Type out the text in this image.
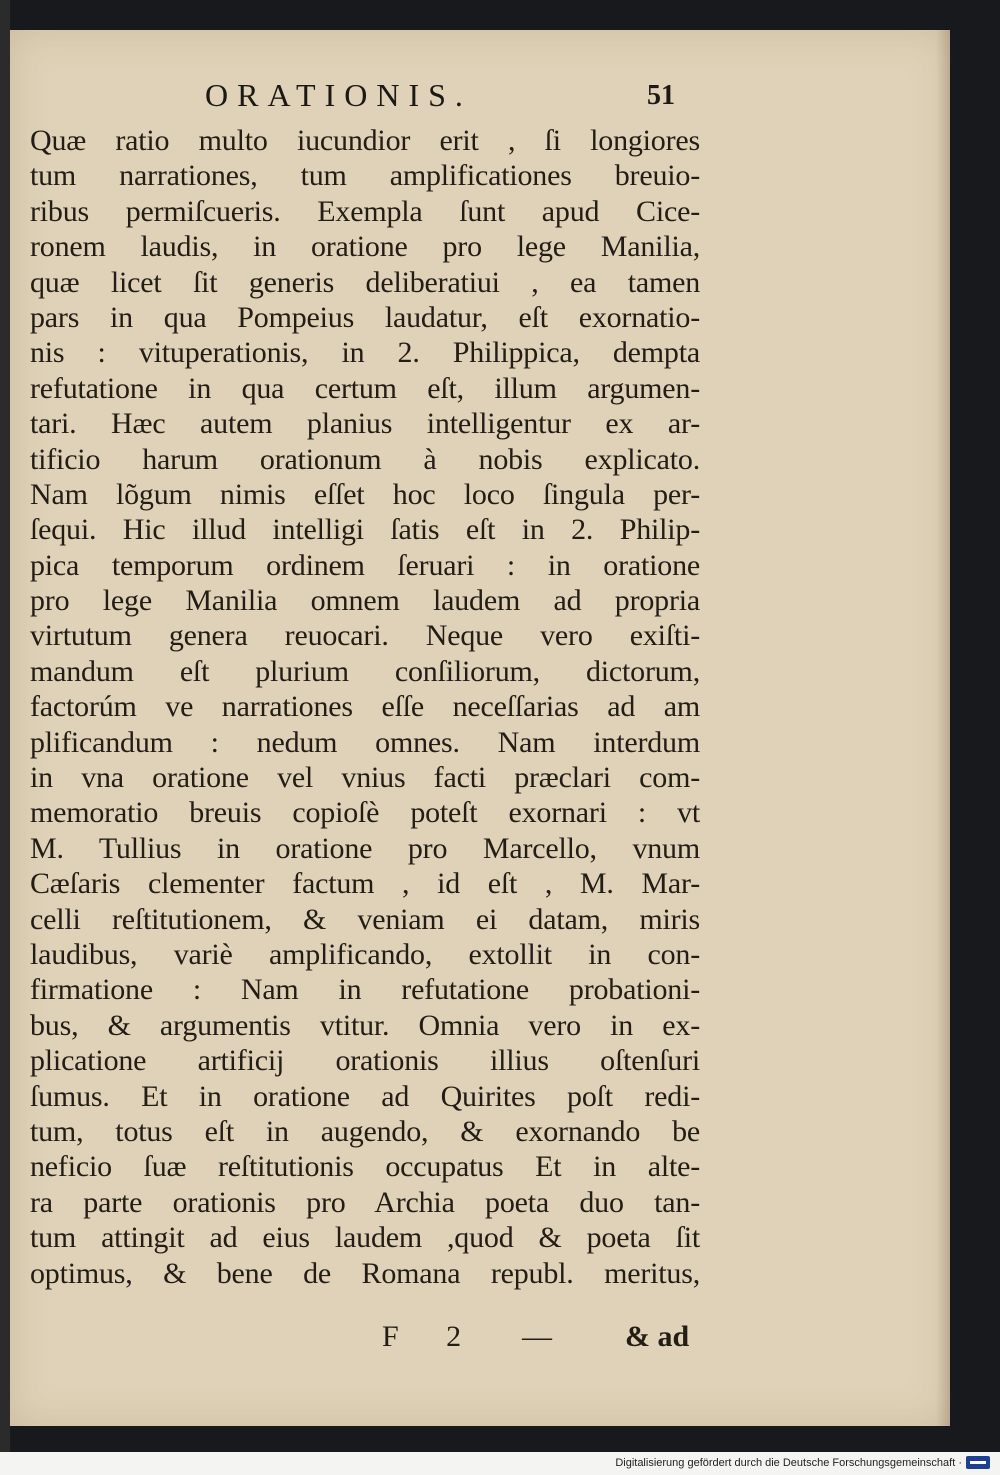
ORATIONIS.	51
Quæ ratio multo iucundior erit , ſi longiores
tum narrationes, tum amplificationes breuio-
ribus permiſcueris. Exempla ſunt apud Cice-
ronem laudis, in oratione pro lege Manilia,
quæ licet ſit generis deliberatiui , ea tamen
pars in qua Pompeius laudatur, eſt exornatio-
nis : vituperationis, in 2. Philippica, dempta
refutatione in qua certum eſt, illum argumen-
tari. Hæc autem planius intelligentur ex ar-
tificio harum orationum à nobis explicato.
Nam lõgum nimis eſſet hoc loco ſingula per-
ſequi. Hic illud intelligi ſatis eſt in 2. Philip-
pica temporum ordinem ſeruari : in oratione
pro lege Manilia omnem laudem ad propria
virtutum genera reuocari. Neque vero exiſti-
mandum eſt plurium conſiliorum, dictorum,
factorúm ve narrationes eſſe neceſſarias ad am
plificandum : nedum omnes. Nam interdum
in vna oratione vel vnius facti præclari com-
memoratio breuis copioſè poteſt exornari : vt
M. Tullius in oratione pro Marcello, vnum
Cæſaris clementer factum , id eſt , M. Mar-
celli reſtitutionem, & veniam ei datam, miris
laudibus, variè amplificando, extollit in con-
firmatione : Nam in refutatione probationi-
bus, & argumentis vtitur. Omnia vero in ex-
plicatione artificij orationis illius oſtenſuri
ſumus. Et in oratione ad Quirites poſt redi-
tum, totus eſt in augendo, & exornando be
neficio ſuæ reſtitutionis occupatus Et in alte-
ra parte orationis pro Archia poeta duo tan-
tum attingit ad eius laudem ,quod & poeta ſit
optimus, & bene de Romana republ. meritus,
F 2 — & ad
Digitalisierung gefördert durch die Deutsche Forschungsgemeinschaft ·
